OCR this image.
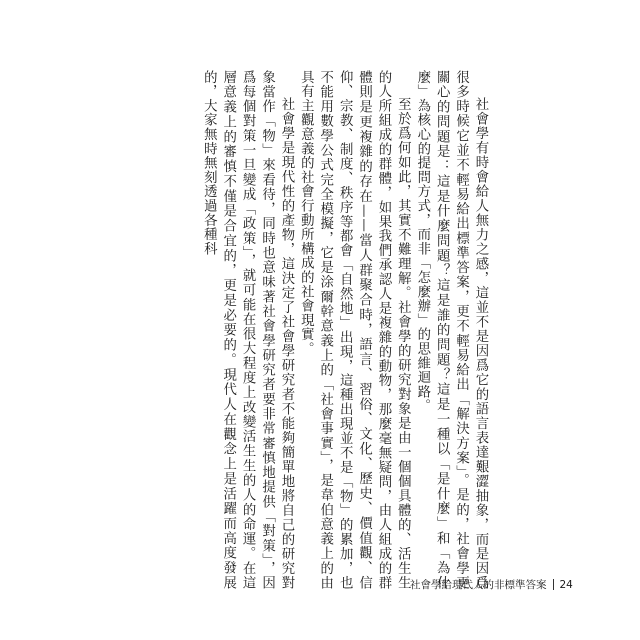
社會學有時會給人無力之感，這並不是因爲它的語言表達艱澀抽象，而是因爲很多時候它並不輕易給出標準答案，更不輕易給出「解決方案」。是的，社會學更關心的問題是：這是什麼問題？這是誰的問題？這是一種以「是什麼」和「為什麼」為核心的提問方式，而非「怎麼辦」的思維迴路。

至於爲何如此，其實不難理解。社會學的研究對象是由一個個具體的、活生生的人所組成的群體，如果我們承認人是複雜的動物，那麼毫無疑問，由人組成的群體則是更複雜的存在——當人群聚合時，語言、習俗、文化、歷史、價值觀、信仰、宗教、制度、秩序等都會「自然地」出現，這種出現並不是「物」的累加，也不能用數學公式完全模擬，它是涂爾幹意義上的「社會事實」，是韋伯意義上的由具有主觀意義的社會行動所構成的社會現實。

社會學是現代性的產物，這決定了社會學研究者不能夠簡單地將自己的研究對象當作「物」來看待，同時也意味著社會學研究者要非常審慎地提供「對策」，因爲每個對策一旦變成「政策」，就可能在很大程度上改變活生生的人的命運。在這層意義上的審慎不僅是合宜的，更是必要的。現代人在觀念上是活躍而高度發展的，大家無時無刻透過各種科

社會學給現代人的非標準答案 24
